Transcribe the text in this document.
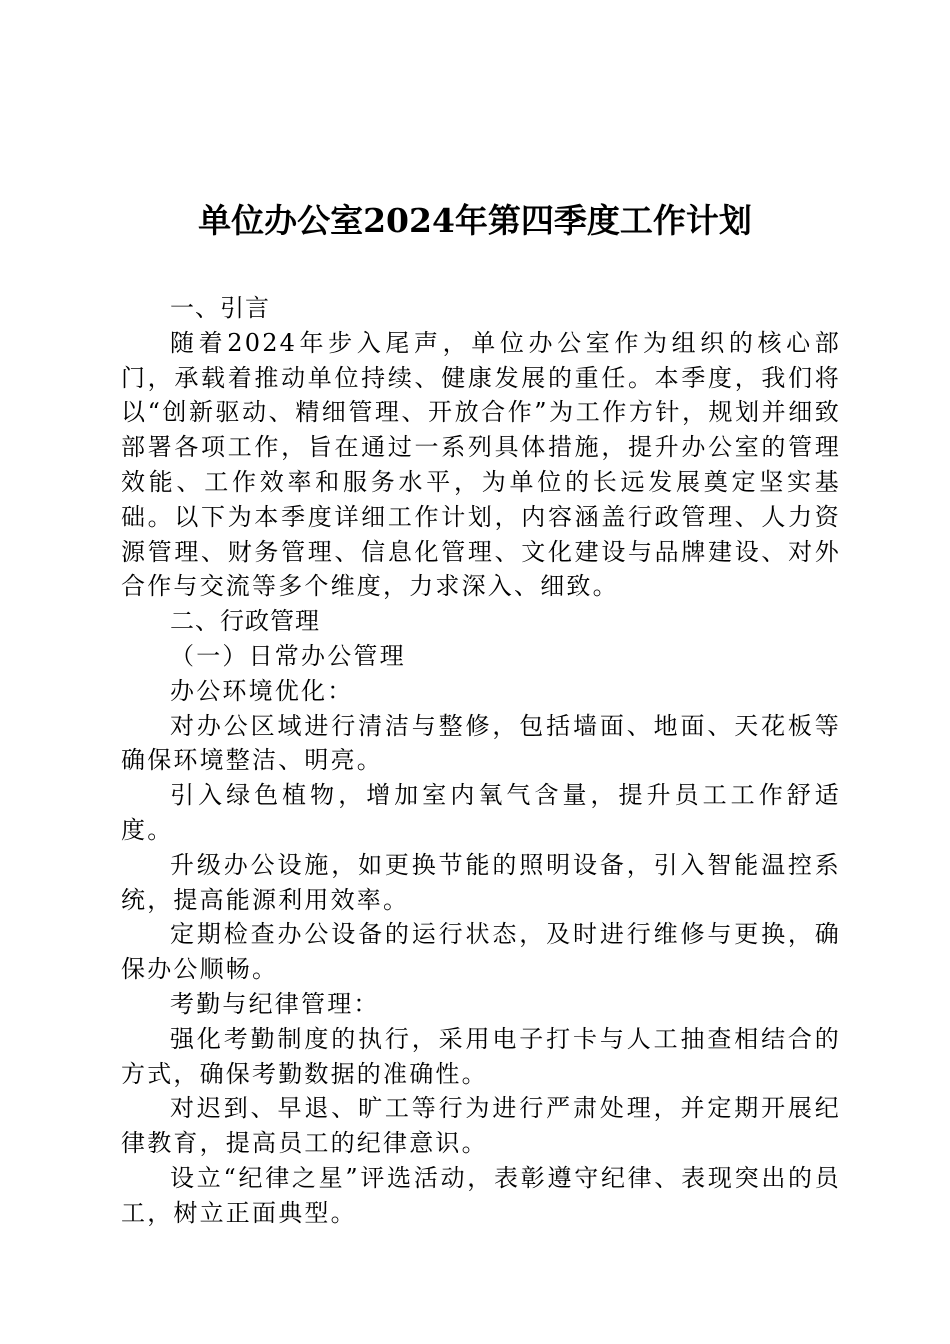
单位办公室2024年第四季度工作计划

一、引言

随着2024年步入尾声，单位办公室作为组织的核心部门，承载着推动单位持续、健康发展的重任。本季度，我们将以“创新驱动、精细管理、开放合作”为工作方针，规划并细致部署各项工作，旨在通过一系列具体措施，提升办公室的管理效能、工作效率和服务水平，为单位的长远发展奠定坚实基础。以下为本季度详细工作计划，内容涵盖行政管理、人力资源管理、财务管理、信息化管理、文化建设与品牌建设、对外合作与交流等多个维度，力求深入、细致。

二、行政管理

（一）日常办公管理

办公环境优化：

对办公区域进行清洁与整修，包括墙面、地面、天花板等确保环境整洁、明亮。

引入绿色植物，增加室内氧气含量，提升员工工作舒适度。

升级办公设施，如更换节能的照明设备，引入智能温控系统，提高能源利用效率。

定期检查办公设备的运行状态，及时进行维修与更换，确保办公顺畅。

考勤与纪律管理：

强化考勤制度的执行，采用电子打卡与人工抽查相结合的方式，确保考勤数据的准确性。

对迟到、早退、旷工等行为进行严肃处理，并定期开展纪律教育，提高员工的纪律意识。

设立“纪律之星”评选活动，表彰遵守纪律、表现突出的员工，树立正面典型。
